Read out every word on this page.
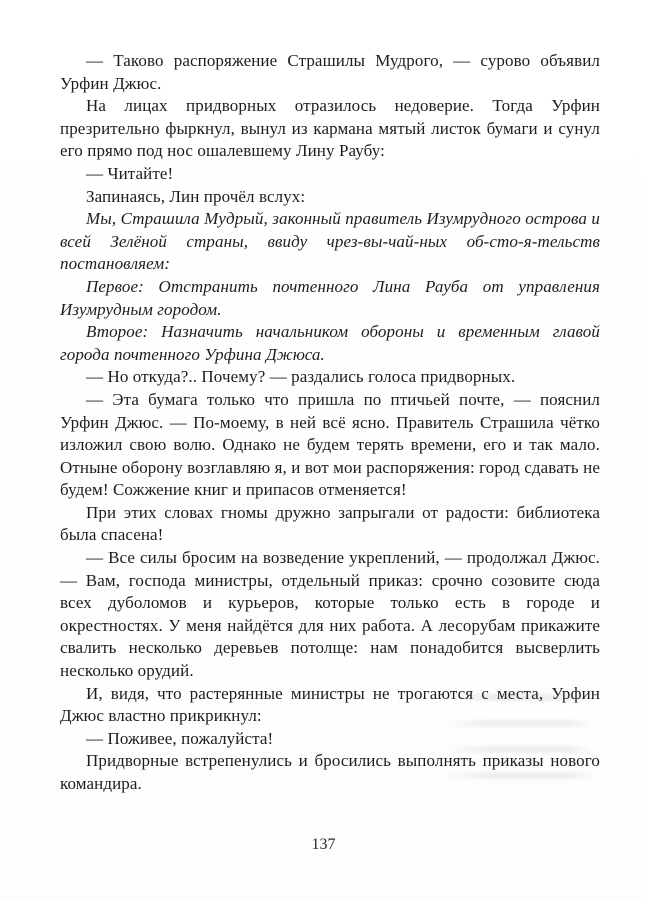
— Таково распоряжение Страшилы Мудрого, — сурово объявил Урфин Джюс.

На лицах придворных отразилось недоверие. Тогда Урфин презрительно фыркнул, вынул из кармана мятый листок бумаги и сунул его прямо под нос ошалевшему Лину Раубу:

— Читайте!

Запинаясь, Лин прочёл вслух:

Мы, Страшила Мудрый, законный правитель Изумрудного острова и всей Зелёной страны, ввиду чрез-вы-чай-ных об-сто-я-тельств постановляем:

Первое: Отстранить почтенного Лина Рауба от управления Изумрудным городом.

Второе: Назначить начальником обороны и временным главой города почтенного Урфина Джюса.

— Но откуда?.. Почему? — раздались голоса придворных.

— Эта бумага только что пришла по птичьей почте, — пояснил Урфин Джюс. — По-моему, в ней всё ясно. Правитель Страшила чётко изложил свою волю. Однако не будем терять времени, его и так мало. Отныне оборону возглавляю я, и вот мои распоряжения: город сдавать не будем! Сожжение книг и припасов отменяется!

При этих словах гномы дружно запрыгали от радости: библиотека была спасена!

— Все силы бросим на возведение укреплений, — продолжал Джюс. — Вам, господа министры, отдельный приказ: срочно созовите сюда всех дуболомов и курьеров, которые только есть в городе и окрестностях. У меня найдётся для них работа. А лесорубам прикажите свалить несколько деревьев потолще: нам понадобится высверлить несколько орудий.

И, видя, что растерянные министры не трогаются с места, Урфин Джюс властно прикрикнул:

— Поживее, пожалуйста!

Придворные встрепенулись и бросились выполнять приказы нового командира.

137
